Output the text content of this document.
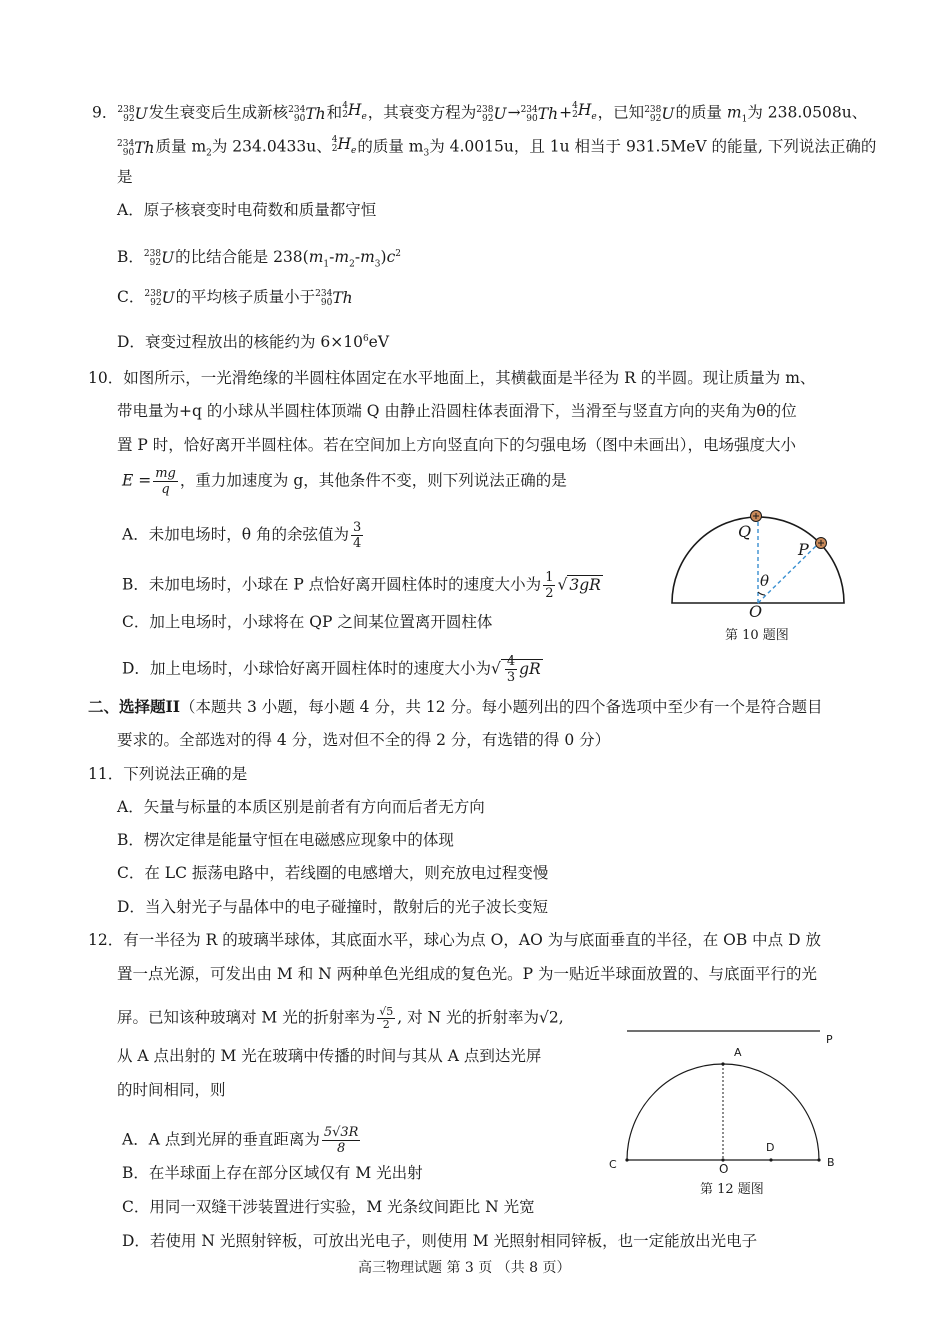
9． 238
92 U发生衰变后生成新核 234
90 Th和 4
2 $H_e$，其衰变方程为 238
92 U→ 234
90 Th+ 4
2 $H_e$，已知 238
92 U的质量 $m_1$为 238.0508u、
234
90 Th质量 $m_2$为 234.0433u、 4
2 $H_e$的质量 $m_3$为 4.0015u，且 1u 相当于 931.5MeV 的能量, 下列说法正确的
是
A．原子核衰变时电荷数和质量都守恒
B． 238
92 U的比结合能是 $238(m_1-m_2-m_3)c^2$
C． 238
92 U的平均核子质量小于 234
90 Th
D．衰变过程放出的核能约为 $6\times 10^6eV$
10．如图所示，一光滑绝缘的半圆柱体固定在水平地面上，其横截面是半径为 R 的半圆。现让质量为 m、
带电量为+q 的小球从半圆柱体顶端 Q 由静止沿圆柱体表面滑下，当滑至与竖直方向的夹角为θ的位
置 P 时，恰好离开半圆柱体。若在空间加上方向竖直向下的匀强电场（图中未画出），电场强度大小
$E = \frac{mg}{q}$ ，重力加速度为 g，其他条件不变，则下列说法正确的是
A．未加电场时，θ 角的余弦值为 $\frac{3}{4}$
B．未加电场时，小球在 P 点恰好离开圆柱体时的速度大小为 $\frac{1}{2}$ √ 3gR
C．加上电场时，小球将在 QP 之间某位置离开圆柱体
D．加上电场时，小球恰好离开圆柱体时的速度大小为√ $\frac{4}{3}$ gR
Q
P
θ
O
第 10 题图
二、选择题II（本题共 3 小题，每小题 4 分，共 12 分。每小题列出的四个备选项中至少有一个是符合题目
要求的。全部选对的得 4 分，选对但不全的得 2 分，有选错的得 0 分）
11．下列说法正确的是
A．矢量与标量的本质区别是前者有方向而后者无方向
B．楞次定律是能量守恒在电磁感应现象中的体现
C．在 LC 振荡电路中，若线圈的电感增大，则充放电过程变慢
D．当入射光子与晶体中的电子碰撞时，散射后的光子波长变短
12．有一半径为 R 的玻璃半球体，其底面水平，球心为点 O，AO 为与底面垂直的半径，在 OB 中点 D 放
置一点光源，可发出由 M 和 N 两种单色光组成的复色光。P 为一贴近半球面放置的、与底面平行的光
屏。已知该种玻璃对 M 光的折射率为 $\frac{√5}{2}$ , 对 N 光的折射率为√2,
从 A 点出射的 M 光在玻璃中传播的时间与其从 A 点到达光屏
的时间相同，则
A．A 点到光屏的垂直距离为 $\frac{5√3R}{8}$
B．在半球面上存在部分区域仅有 M 光出射
C．用同一双缝干涉装置进行实验，M 光条纹间距比 N 光宽
D．若使用 N 光照射锌板，可放出光电子，则使用 M 光照射相同锌板，也一定能放出光电子
P
A
D
C	B
O
第 12 题图
高三物理试题 第 3 页 （共 8 页）
